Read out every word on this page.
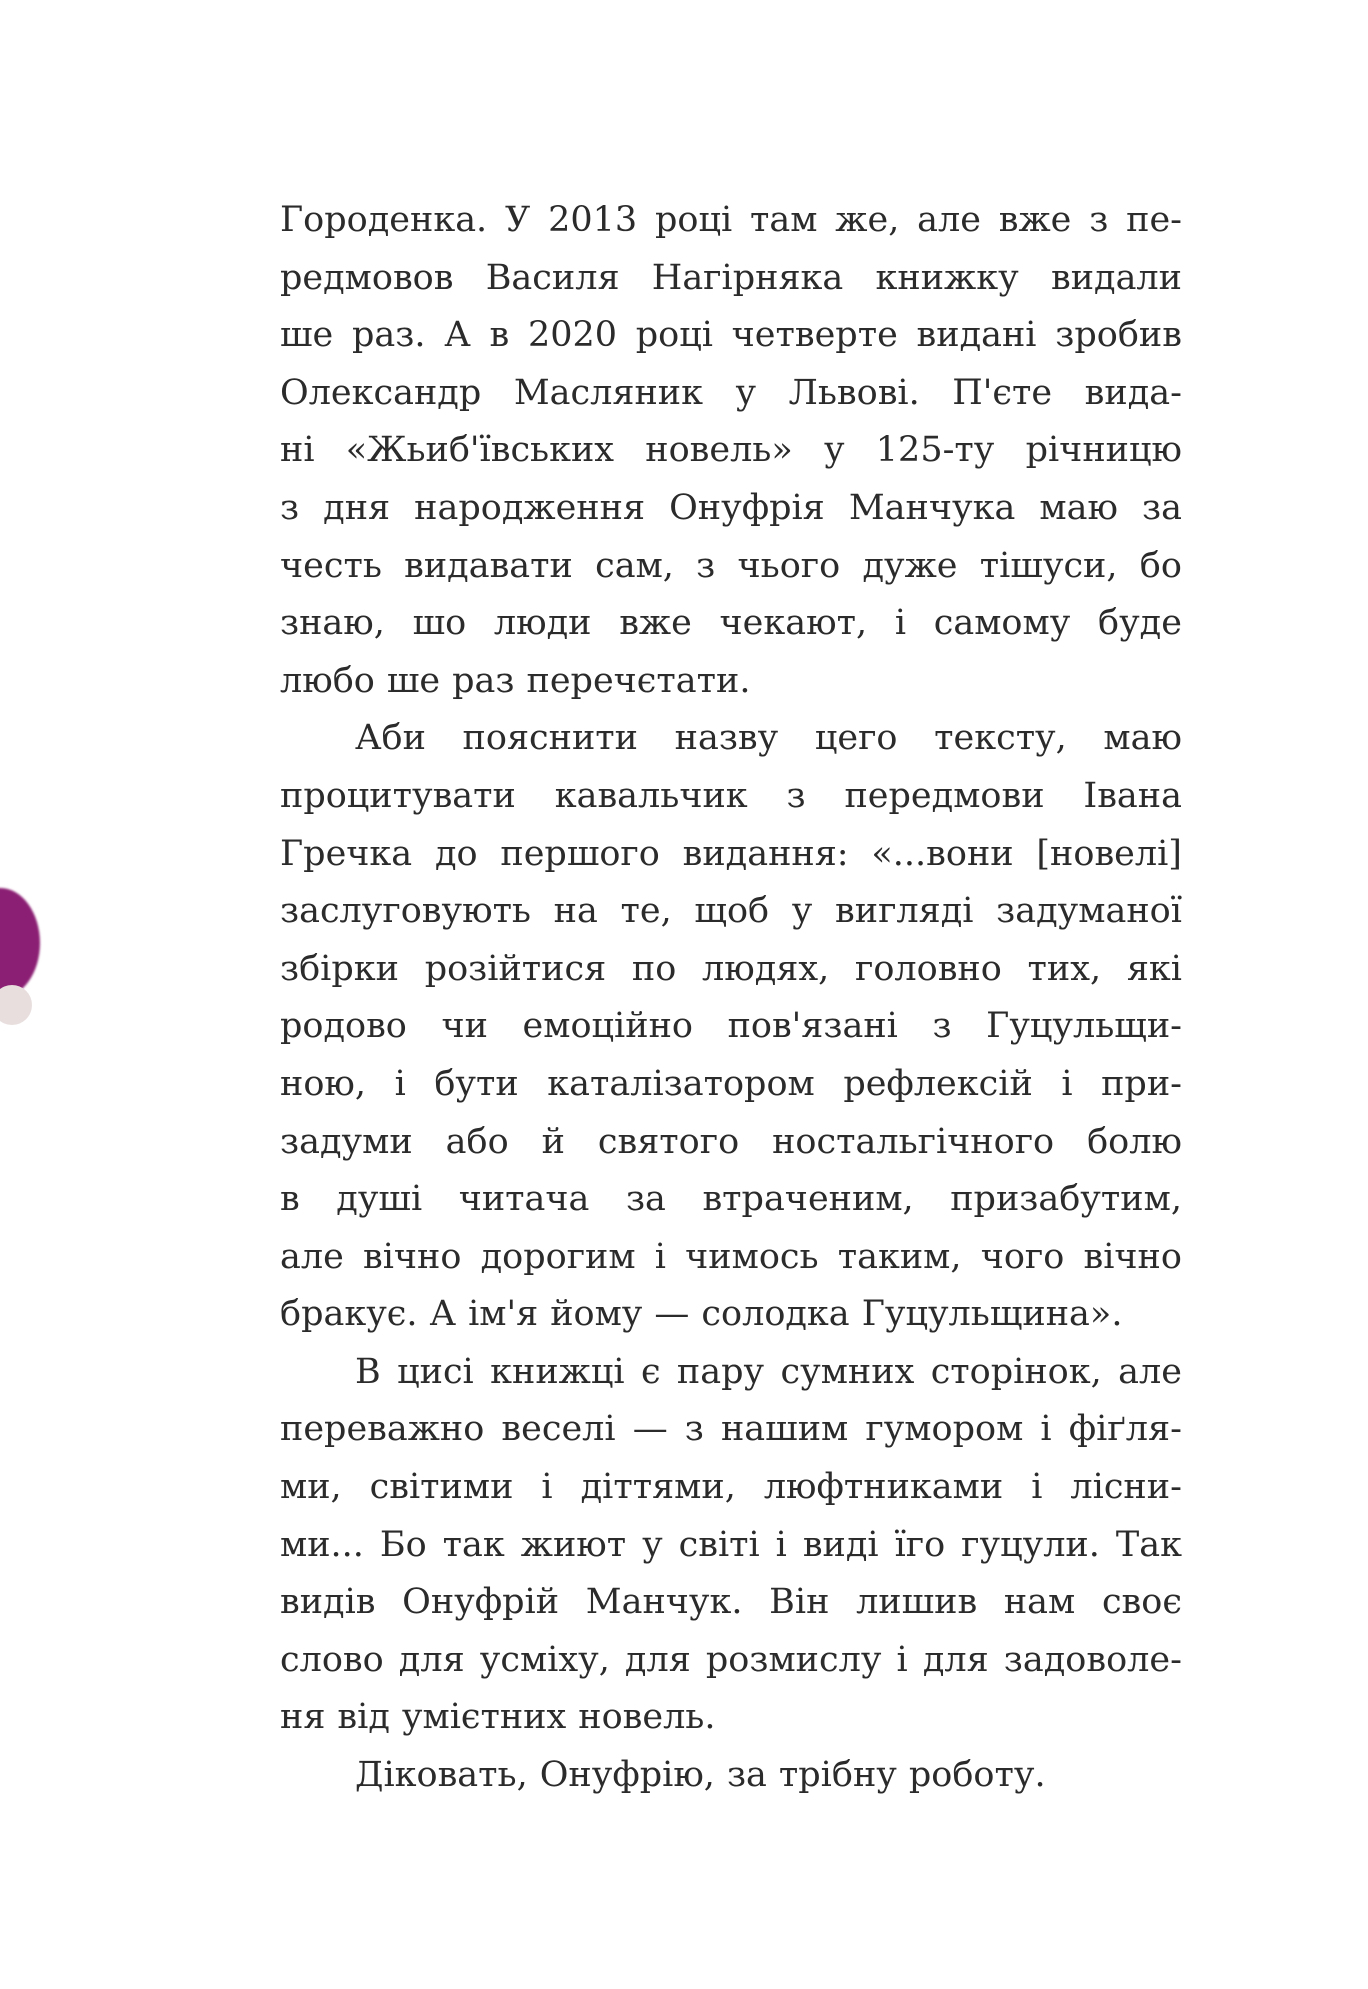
Городенка. У 2013 році там же, але вже з пе-
редмовов Василя Нагірняка книжку видали
ше раз. А в 2020 році четверте видані зробив
Олександр Масляник у Львові. П'єте вида-
ні «Жьиб'ївських новель» у 125-ту річницю
з дня народження Онуфрія Манчука маю за
честь видавати сам, з чього дуже тішуси, бо
знаю, шо люди вже чекают, і самому буде
любо ше раз перечєтати.
Аби пояснити назву цего тексту, маю
процитувати кавальчик з передмови Івана
Гречка до першого видання: «...вони [новелі]
заслуговують на те, щоб у вигляді задуманої
збірки розійтися по людях, головно тих, які
родово чи емоційно пов'язані з Гуцульщи-
ною, і бути каталізатором рефлексій і при-
задуми або й святого ностальгічного болю
в душі читача за втраченим, призабутим,
але вічно дорогим і чимось таким, чого вічно
бракує. А ім'я йому — солодка Гуцульщина».
В цисі книжці є пару сумних сторінок, але
переважно веселі — з нашим гумором і фіґля-
ми, світими і діттями, люфтниками і лісни-
ми... Бо так жиют у світі і виді їго гуцули. Так
видів Онуфрій Манчук. Він лишив нам своє
слово для усміху, для розмислу і для задоволе-
ня від умієтних новель.
Діковать, Онуфрію, за трібну роботу.
